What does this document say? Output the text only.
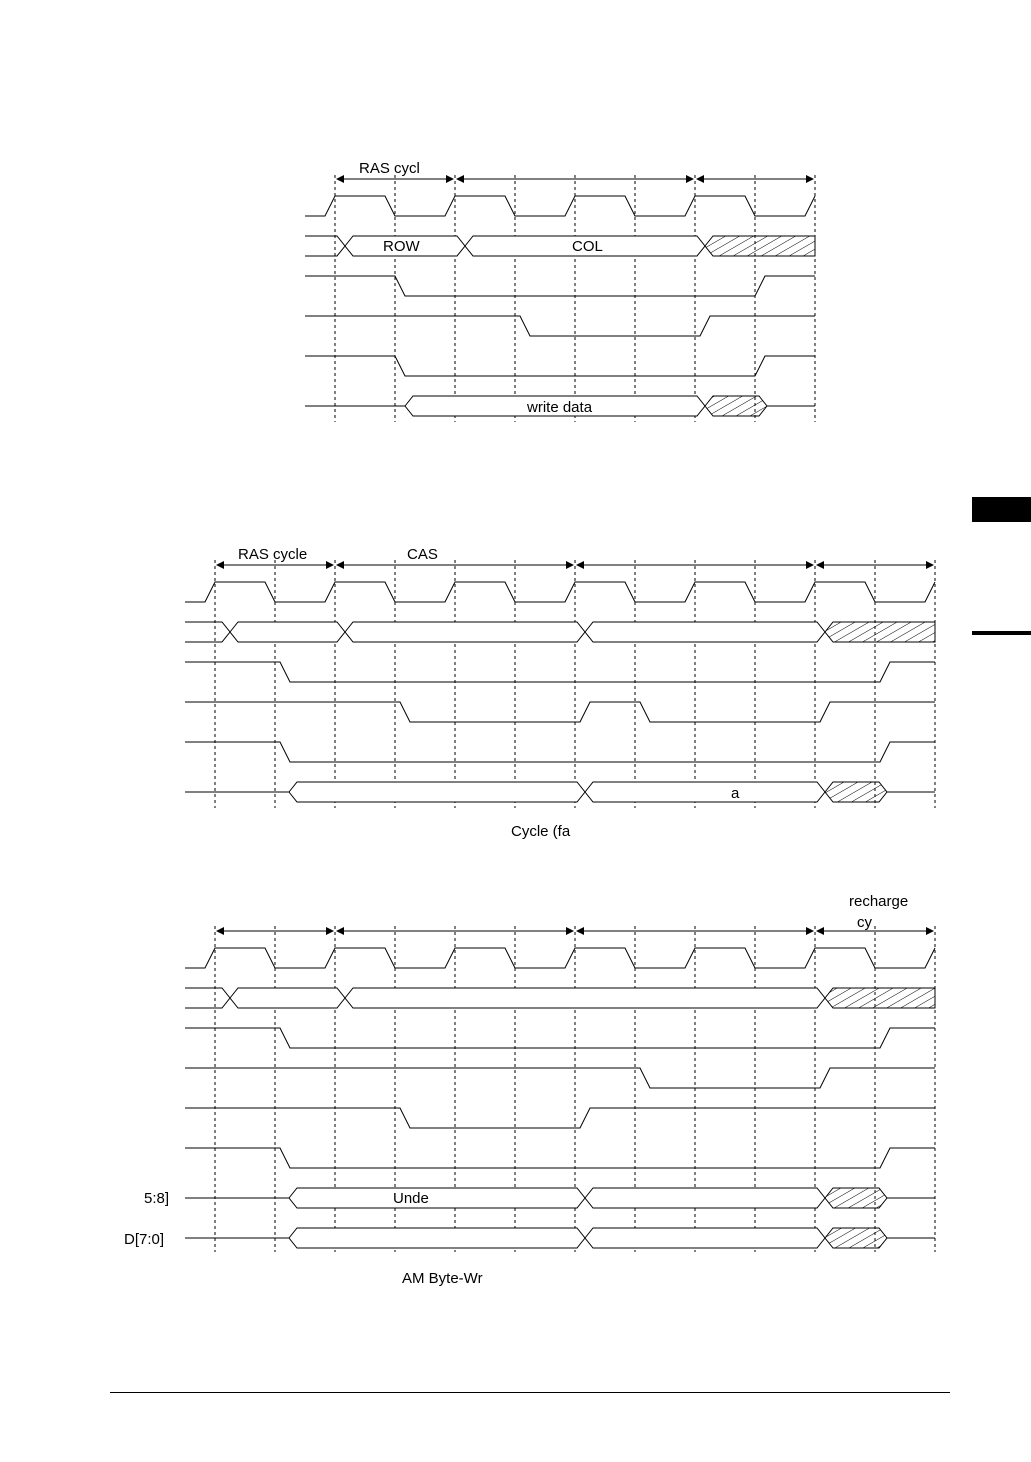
RAS cycl
ROW	COL
write data
RAS cycle	CAS
a
Cycle (fa
recharge
cy
5:8]
D[7:0]
Unde
AM Byte-Wr
